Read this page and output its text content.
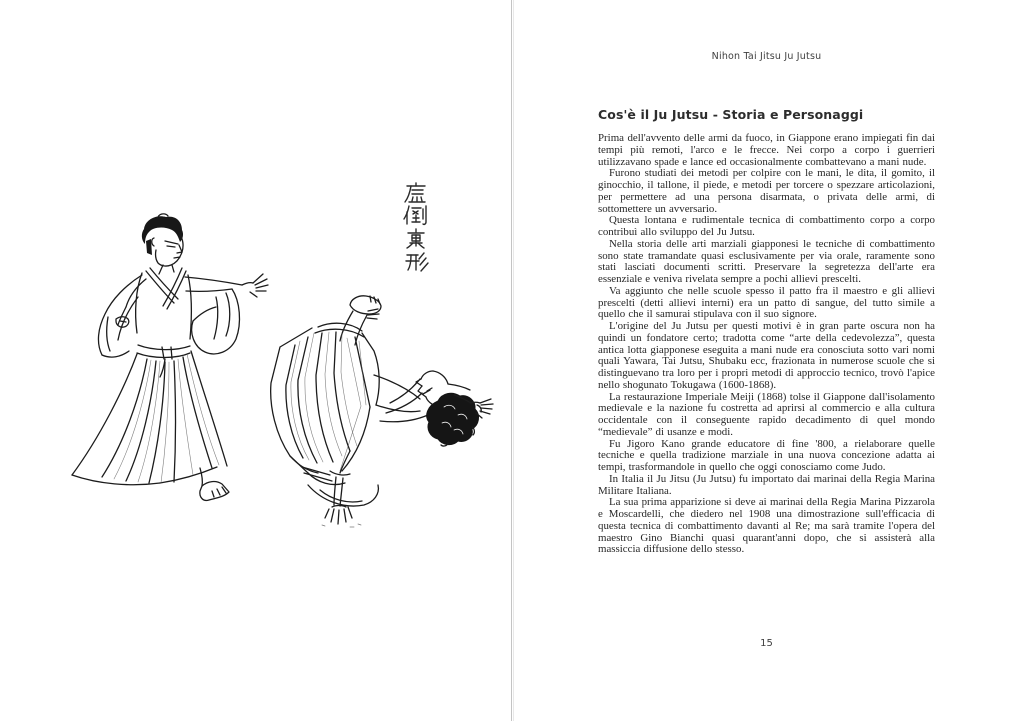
Nihon Tai Jitsu Ju Jutsu
Cos'è il Ju Jutsu - Storia e Personaggi

Prima dell'avvento delle armi da fuoco, in Giappone erano impiegati fin dai tempi più remoti, l'arco e le frecce. Nei corpo a corpo i guerrieri utilizzavano spade e lance ed occasionalmente combattevano a mani nude.

Furono studiati dei metodi per colpire con le mani, le dita, il gomito, il ginocchio, il tallone, il piede, e metodi per torcere o spezzare articolazioni, per permettere ad una persona disarmata, o privata delle armi, di sottomettere un avversario.

Questa lontana e rudimentale tecnica di combattimento corpo a corpo contribuì allo sviluppo del Ju Jutsu.

Nella storia delle arti marziali giapponesi le tecniche di combattimento sono state tramandate quasi esclusivamente per via orale, raramente sono stati lasciati documenti scritti. Preservare la segretezza dell'arte era essenziale e veniva rivelata sempre a pochi allievi prescelti.

Va aggiunto che nelle scuole spesso il patto fra il maestro e gli allievi prescelti (detti allievi interni) era un patto di sangue, del tutto simile a quello che il samurai stipulava con il suo signore.

L'origine del Ju Jutsu per questi motivi è in gran parte oscura non ha quindi un fondatore certo; tradotta come “arte della cedevolezza”, questa antica lotta giapponese eseguita a mani nude era conosciuta sotto vari nomi quali Yawara, Tai Jutsu, Shubaku ecc, frazionata in numerose scuole che si distinguevano tra loro per i propri metodi di approccio tecnico, trovò l'apice nello shogunato Tokugawa (1600-1868).

La restaurazione Imperiale Meiji (1868) tolse il Giappone dall'isolamento medievale e la nazione fu costretta ad aprirsi al commercio e alla cultura occidentale con il conseguente rapido decadimento di quel mondo “medievale” di usanze e modi.

Fu Jigoro Kano grande educatore di fine '800, a rielaborare quelle tecniche e quella tradizione marziale in una nuova concezione adatta ai tempi, trasformandole in quello che oggi conosciamo come Judo.

In Italia il Ju Jitsu (Ju Jutsu) fu importato dai marinai della Regia Marina Militare Italiana.

La sua prima apparizione si deve ai marinai della Regia Marina Pizzarola e Moscardelli, che diedero nel 1908 una dimostrazione sull'efficacia di questa tecnica di combattimento davanti al Re; ma sarà tramite l'opera del maestro Gino Bianchi quasi quarant'anni dopo, che si assisterà alla massiccia diffusione dello stesso.

15
